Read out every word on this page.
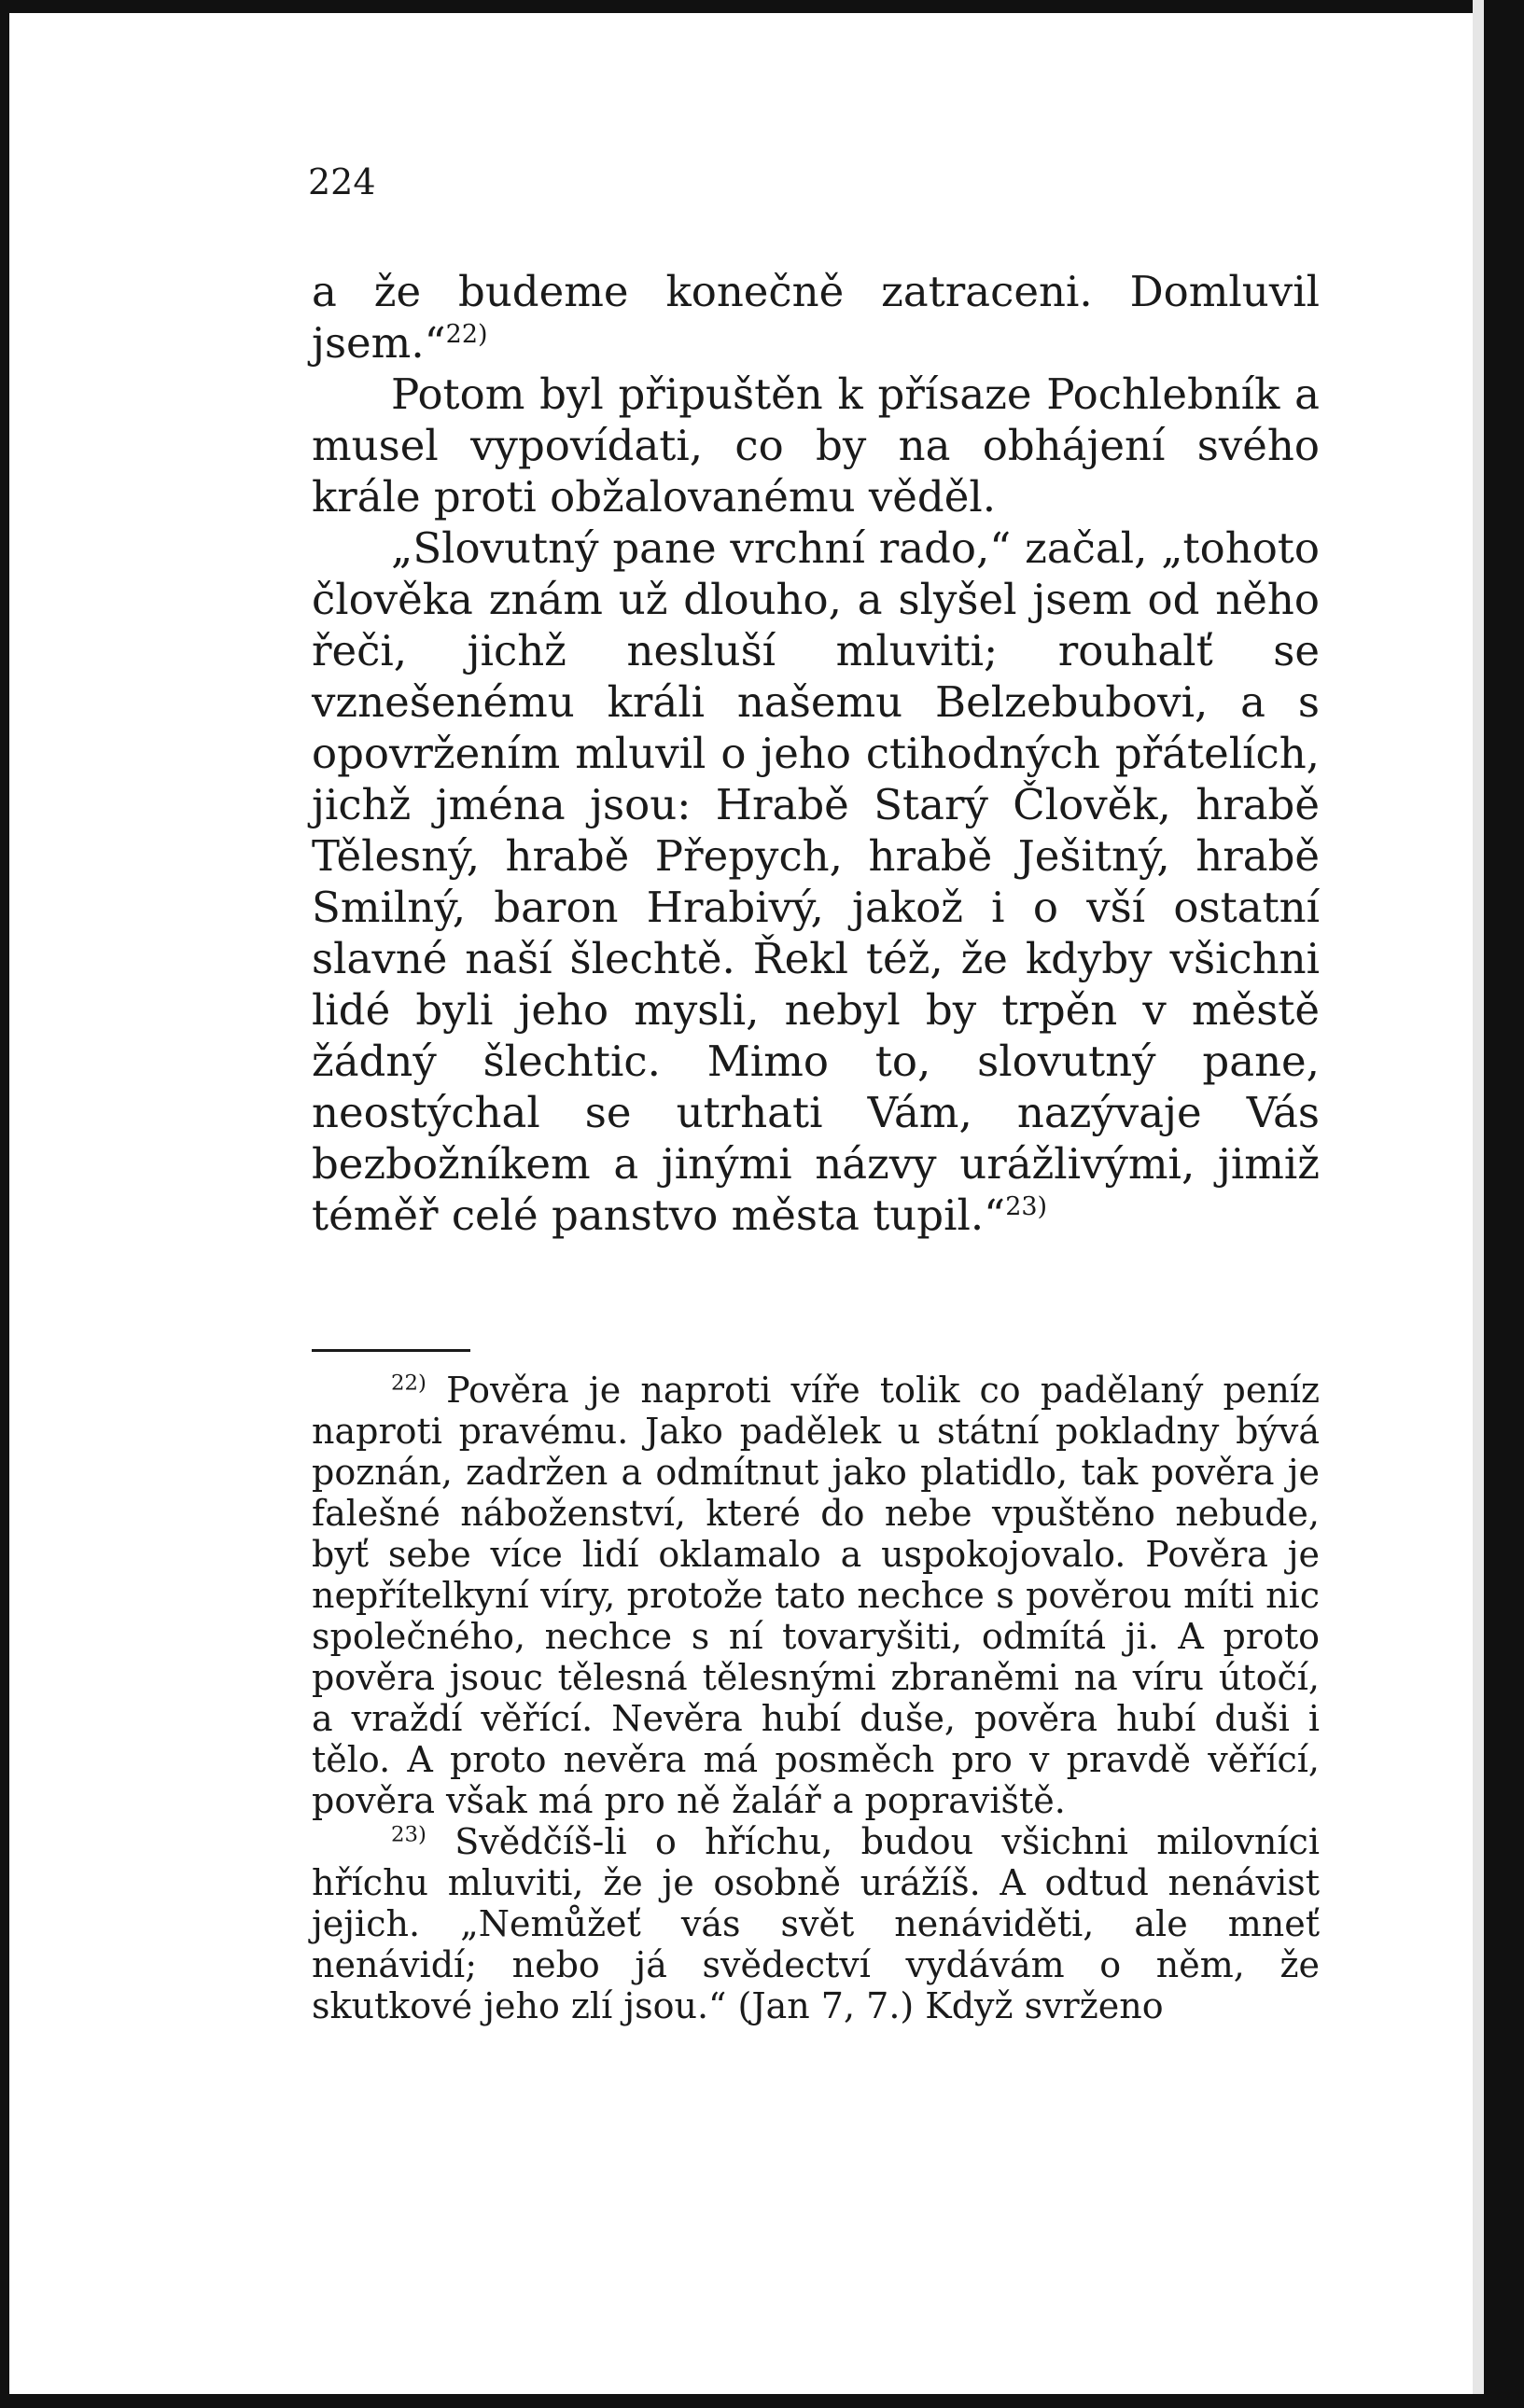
224

a že budeme konečně zatraceni. Domluvil jsem.“$^{22)}$

Potom byl připuštěn k přísaze Pochlebník a musel vypovídati, co by na obhájení svého krále proti obžalovanému věděl.

„Slovutný pane vrchní rado,“ začal, „tohoto člověka znám už dlouho, a slyšel jsem od něho řeči, jichž nesluší mluviti; rouhalť se vznešenému králi našemu Belzebubovi, a s opovržením mluvil o jeho ctihodných přátelích, jichž jména jsou: Hrabě Starý Člověk, hrabě Tělesný, hrabě Přepych, hrabě Ješitný, hrabě Smilný, baron Hrabivý, jakož i o vší ostatní slavné naší šlechtě. Řekl též, že kdyby všichni lidé byli jeho mysli, nebyl by trpěn v městě žádný šlechtic. Mimo to, slovutný pane, neostýchal se utrhati Vám, nazývaje Vás bezbožníkem a jinými názvy urážlivými, jimiž téměř celé panstvo města tupil.“$^{23)}$

$^{22)}$ Pověra je naproti víře tolik co padělaný peníz naproti pravému. Jako padělek u státní pokladny bývá poznán, zadržen a odmítnut jako platidlo, tak pověra je falešné náboženství, které do nebe vpuštěno nebude, byť sebe více lidí oklamalo a uspokojovalo. Pověra je nepřítelkyní víry, protože tato nechce s pověrou míti nic společného, nechce s ní tovaryšiti, odmítá ji. A proto pověra jsouc tělesná tělesnými zbraněmi na víru útočí, a vraždí věřící. Nevěra hubí duše, pověra hubí duši i tělo. A proto nevěra má posměch pro v pravdě věřící, pověra však má pro ně žalář a popraviště.

$^{23)}$ Svědčíš-li o hříchu, budou všichni milovníci hříchu mluviti, že je osobně urážíš. A odtud nenávist jejich. „Nemůžeť vás svět nenáviděti, ale mneť nenávidí; nebo já svědectví vydávám o něm, že skutkové jeho zlí jsou.“ (Jan 7, 7.) Když svrženo
